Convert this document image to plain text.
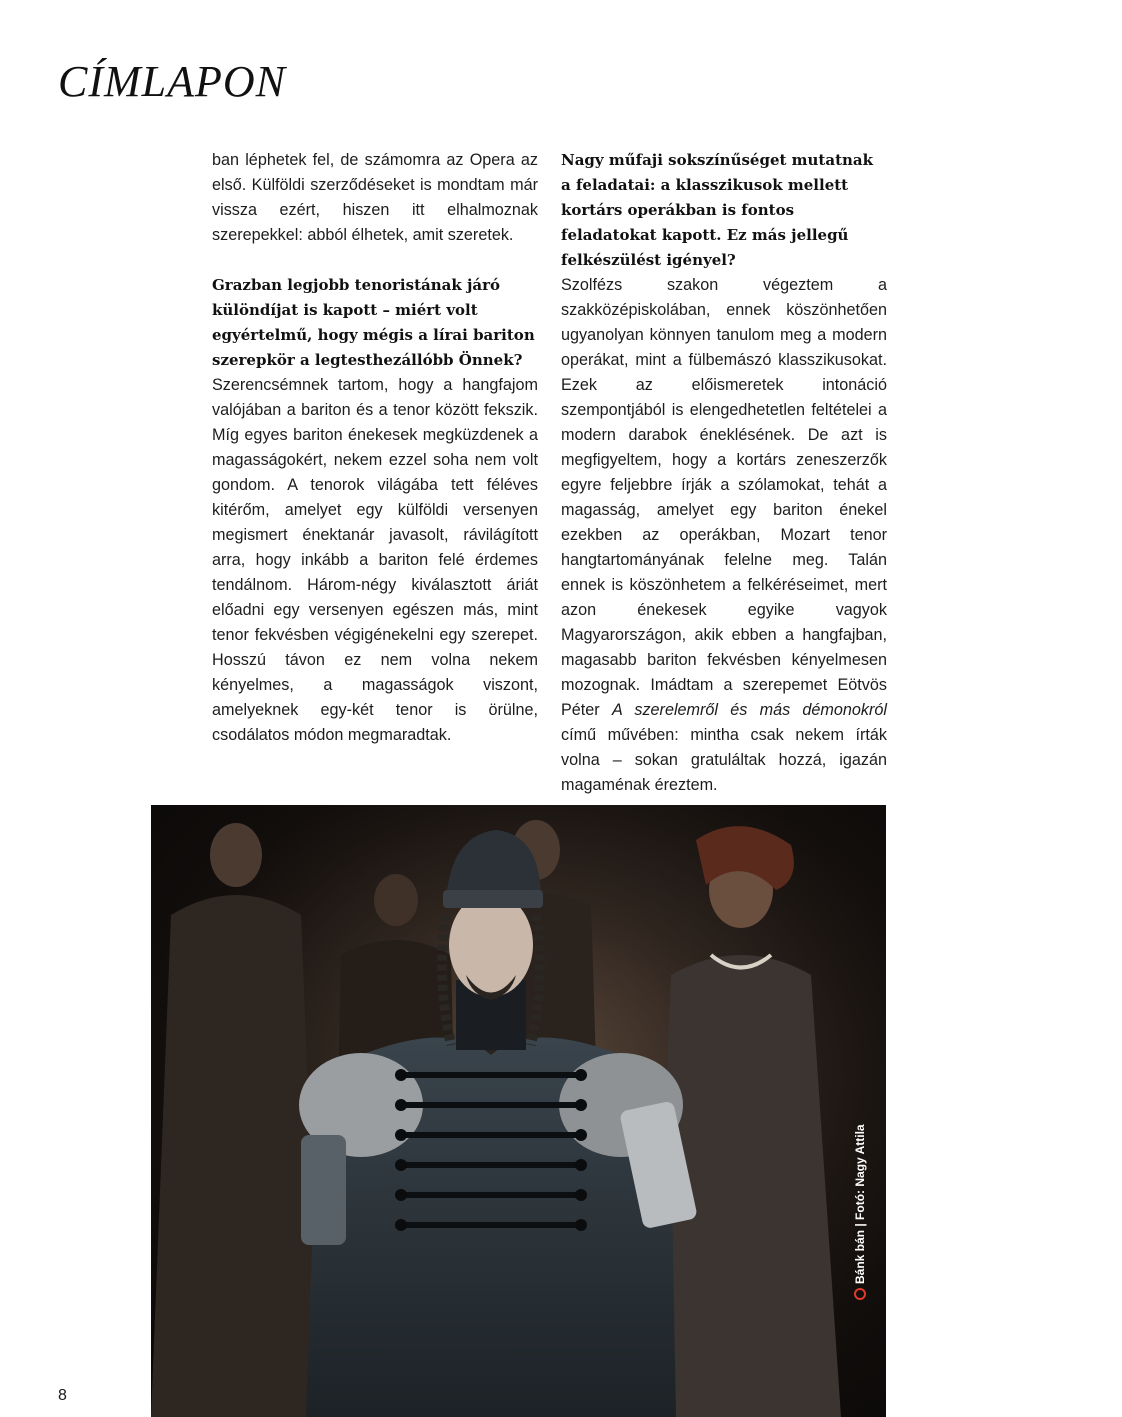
CÍMLAPON

ban léphetek fel, de számomra az Opera az első. Külföldi szerződéseket is mondtam már vissza ezért, hiszen itt elhalmoznak szerepekkel: abból élhetek, amit szeretek.

Grazban legjobb tenoristának járó különdíjat is kapott – miért volt egyértelmű, hogy mégis a lírai bariton szerepkör a legtesthezállóbb Önnek?

Szerencsémnek tartom, hogy a hangfajom valójában a bariton és a tenor között fekszik. Míg egyes bariton énekesek megküzdenek a magasságokért, nekem ezzel soha nem volt gondom. A tenorok világába tett féléves kitérőm, amelyet egy külföldi versenyen megismert énektanár javasolt, rávilágított arra, hogy inkább a bariton felé érdemes tendálnom. Három-négy kiválasztott áriát előadni egy versenyen egészen más, mint tenor fekvésben végigénekelni egy szerepet. Hosszú távon ez nem volna nekem kényelmes, a magasságok viszont, amelyeknek egy-két tenor is örülne, csodálatos módon megmaradtak.

Nagy műfaji sokszínűséget mutatnak a feladatai: a klasszikusok mellett kortárs operákban is fontos feladatokat kapott. Ez más jellegű felkészülést igényel?

Szolfézs szakon végeztem a szakközépiskolában, ennek köszönhetően ugyanolyan könnyen tanulom meg a modern operákat, mint a fülbemászó klasszikusokat. Ezek az előismeretek intonáció szempontjából is elengedhetetlen feltételei a modern darabok éneklésének. De azt is megfigyeltem, hogy a kortárs zeneszerzők egyre feljebbre írják a szólamokat, tehát a magasság, amelyet egy bariton énekel ezekben az operákban, Mozart tenor hangtartományának felelne meg. Talán ennek is köszönhetem a felkéréseimet, mert azon énekesek egyike vagyok Magyarországon, akik ebben a hangfajban, magasabb bariton fekvésben kényelmesen mozognak. Imádtam a szerepemet Eötvös Péter A szerelemről és más démonokról című művében: mintha csak nekem írták volna – sokan gratuláltak hozzá, igazán magaménak éreztem.

Bánk bán | Fotó: Nagy Attila
8
